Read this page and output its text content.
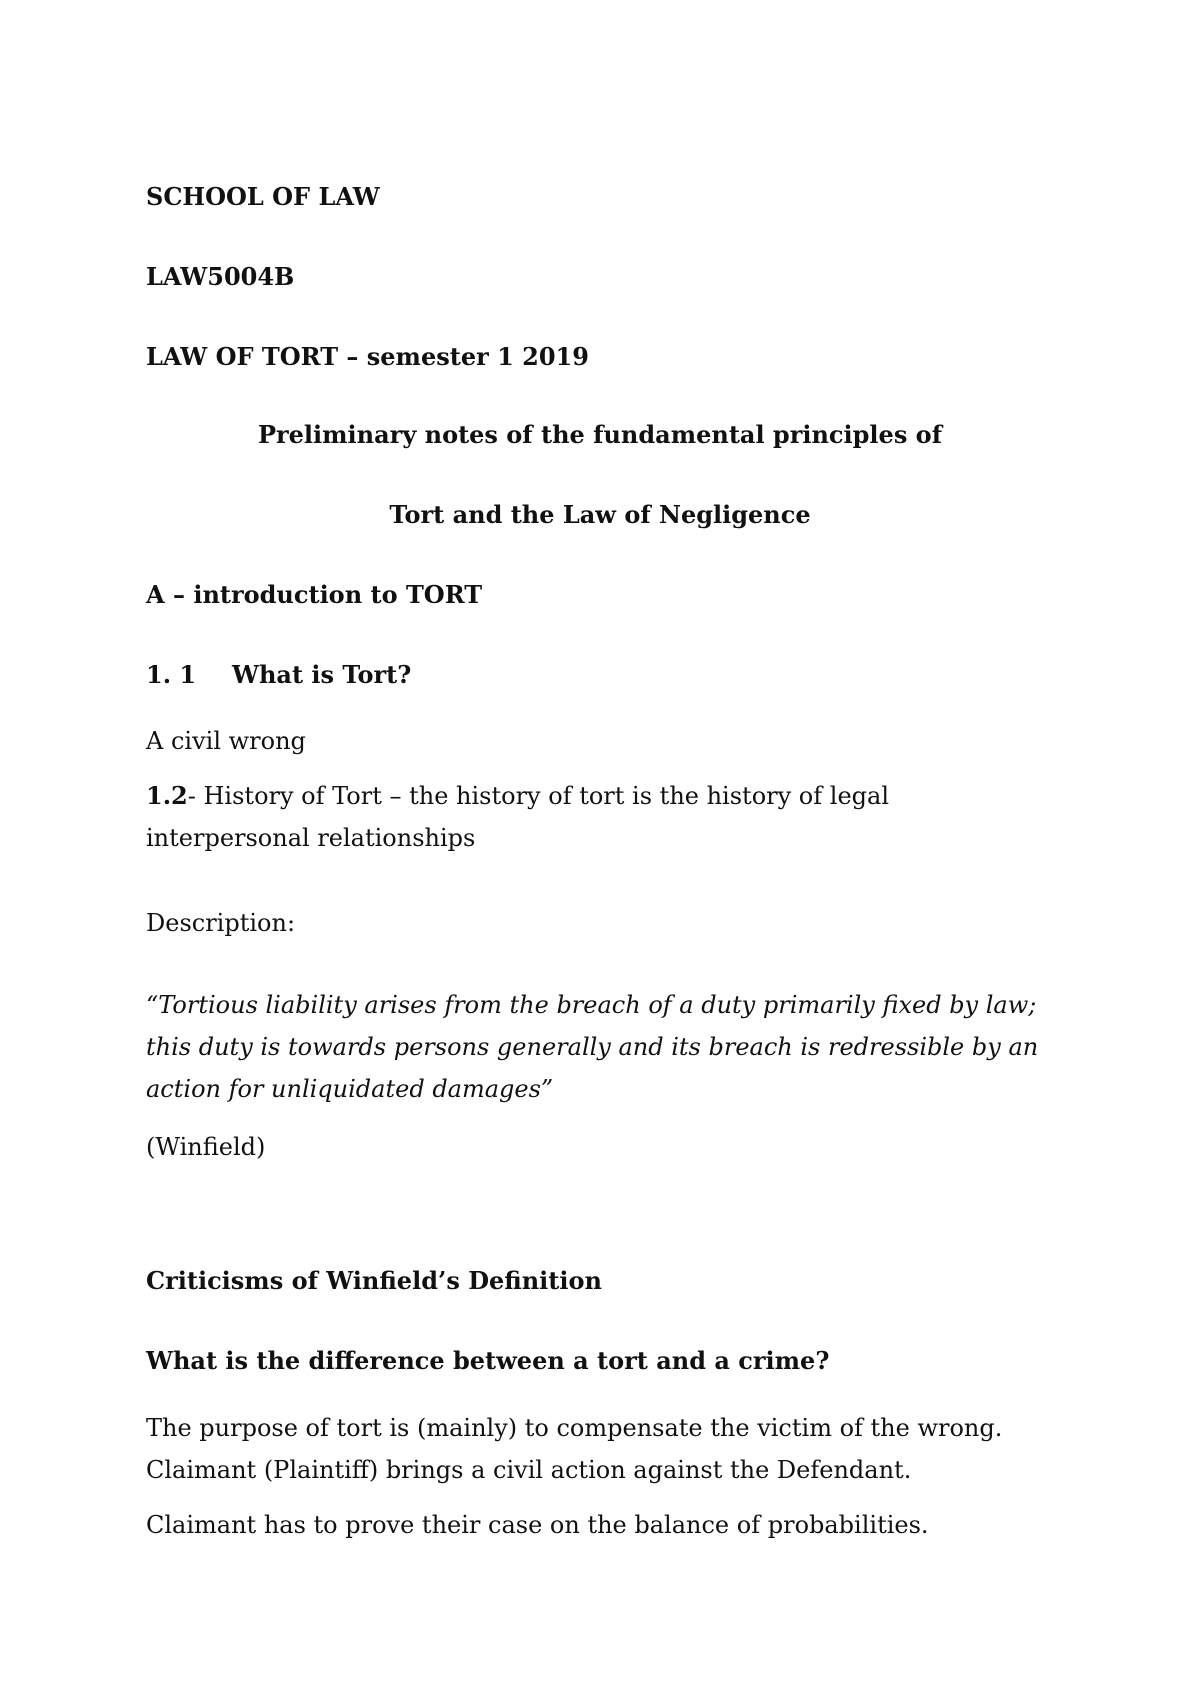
SCHOOL OF LAW
LAW5004B
LAW OF TORT – semester 1 2019
Preliminary notes of the fundamental principles of
Tort and the Law of Negligence
A – introduction to TORT
1. 1 What is Tort?
A civil wrong
1.2- History of Tort – the history of tort is the history of legal
interpersonal relationships
Description:
“Tortious liability arises from the breach of a duty primarily fixed by law;
this duty is towards persons generally and its breach is redressible by an
action for unliquidated damages”
(Winfield)
Criticisms of Winfield’s Definition
What is the difference between a tort and a crime?
The purpose of tort is (mainly) to compensate the victim of the wrong.
Claimant (Plaintiff) brings a civil action against the Defendant.
Claimant has to prove their case on the balance of probabilities.
